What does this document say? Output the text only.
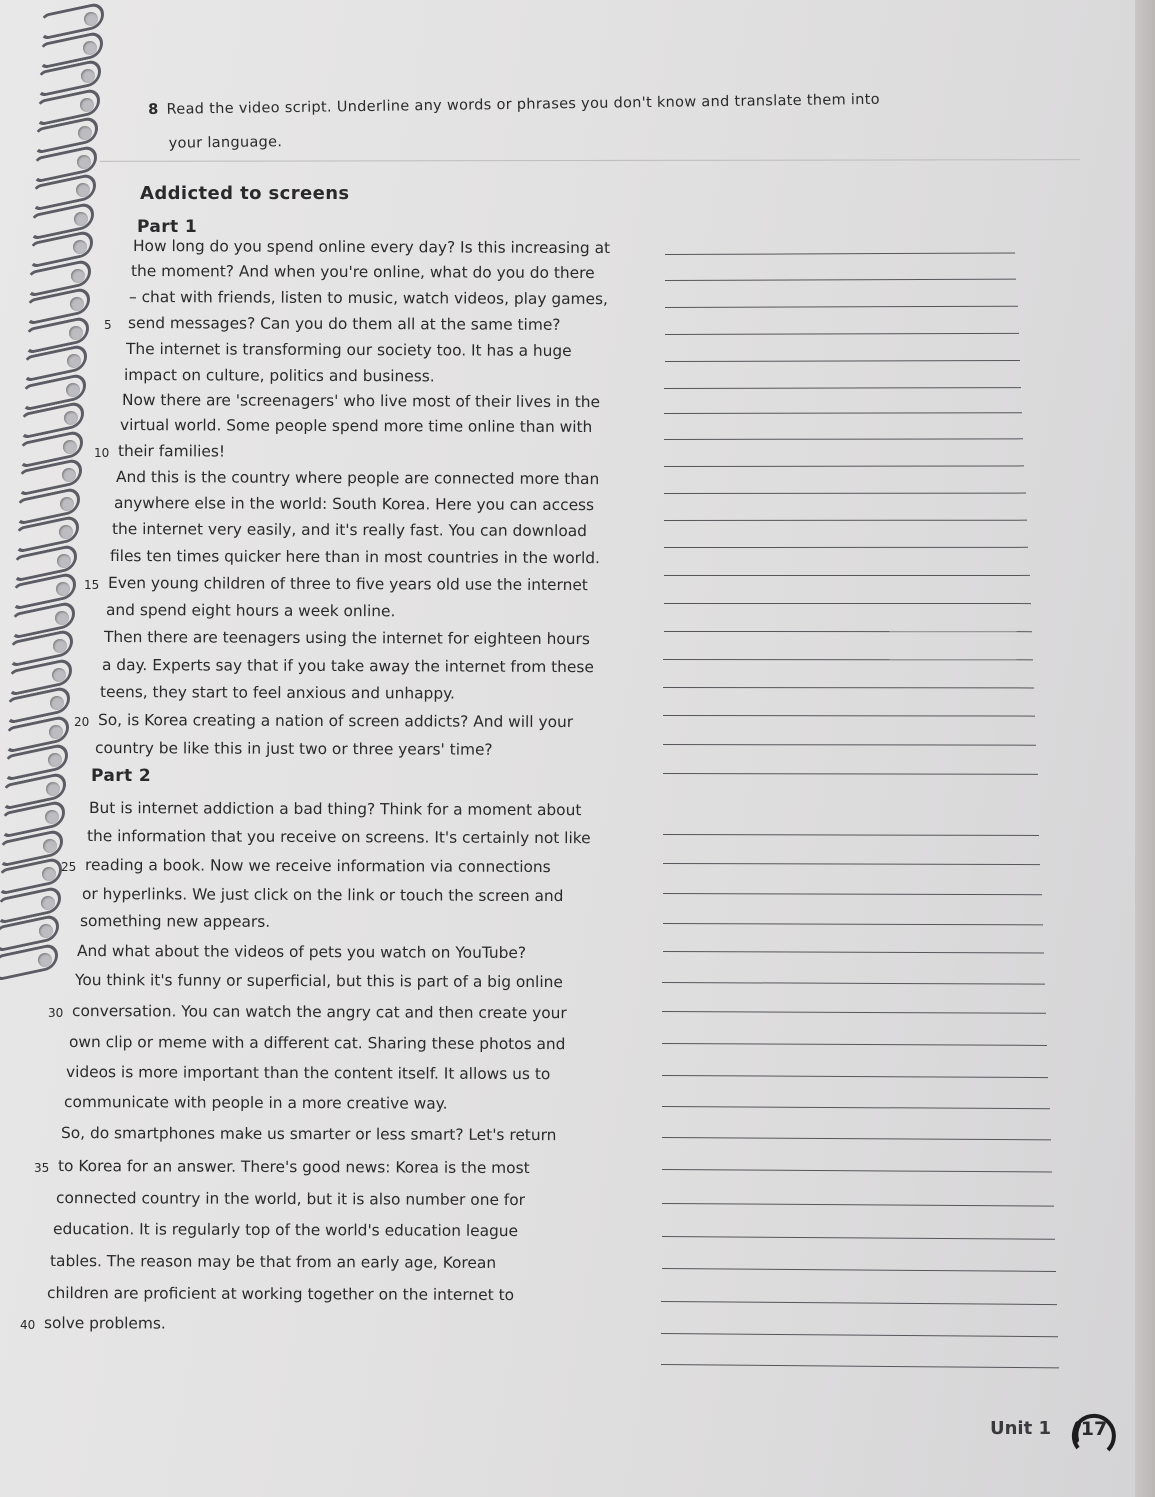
8 Read the video script. Underline any words or phrases you don't know and translate them into
your language.
Addicted to screens
Part 1
Part 2
How long do you spend online every day? Is this increasing at
the moment? And when you're online, what do you do there
– chat with friends, listen to music, watch videos, play games,
send messages? Can you do them all at the same time?
5
The internet is transforming our society too. It has a huge
impact on culture, politics and business.
Now there are 'screenagers' who live most of their lives in the
virtual world. Some people spend more time online than with
their families!
10
And this is the country where people are connected more than
anywhere else in the world: South Korea. Here you can access
the internet very easily, and it's really fast. You can download
files ten times quicker here than in most countries in the world.
Even young children of three to five years old use the internet
15
and spend eight hours a week online.
Then there are teenagers using the internet for eighteen hours
a day. Experts say that if you take away the internet from these
teens, they start to feel anxious and unhappy.
So, is Korea creating a nation of screen addicts? And will your
20
country be like this in just two or three years' time?
But is internet addiction a bad thing? Think for a moment about
the information that you receive on screens. It's certainly not like
reading a book. Now we receive information via connections
25
or hyperlinks. We just click on the link or touch the screen and
something new appears.
And what about the videos of pets you watch on YouTube?
You think it's funny or superficial, but this is part of a big online
conversation. You can watch the angry cat and then create your
30
own clip or meme with a different cat. Sharing these photos and
videos is more important than the content itself. It allows us to
communicate with people in a more creative way.
So, do smartphones make us smarter or less smart? Let's return
to Korea for an answer. There's good news: Korea is the most
35
connected country in the world, but it is also number one for
education. It is regularly top of the world's education league
tables. The reason may be that from an early age, Korean
children are proficient at working together on the internet to
solve problems.
40
Unit 1 17
